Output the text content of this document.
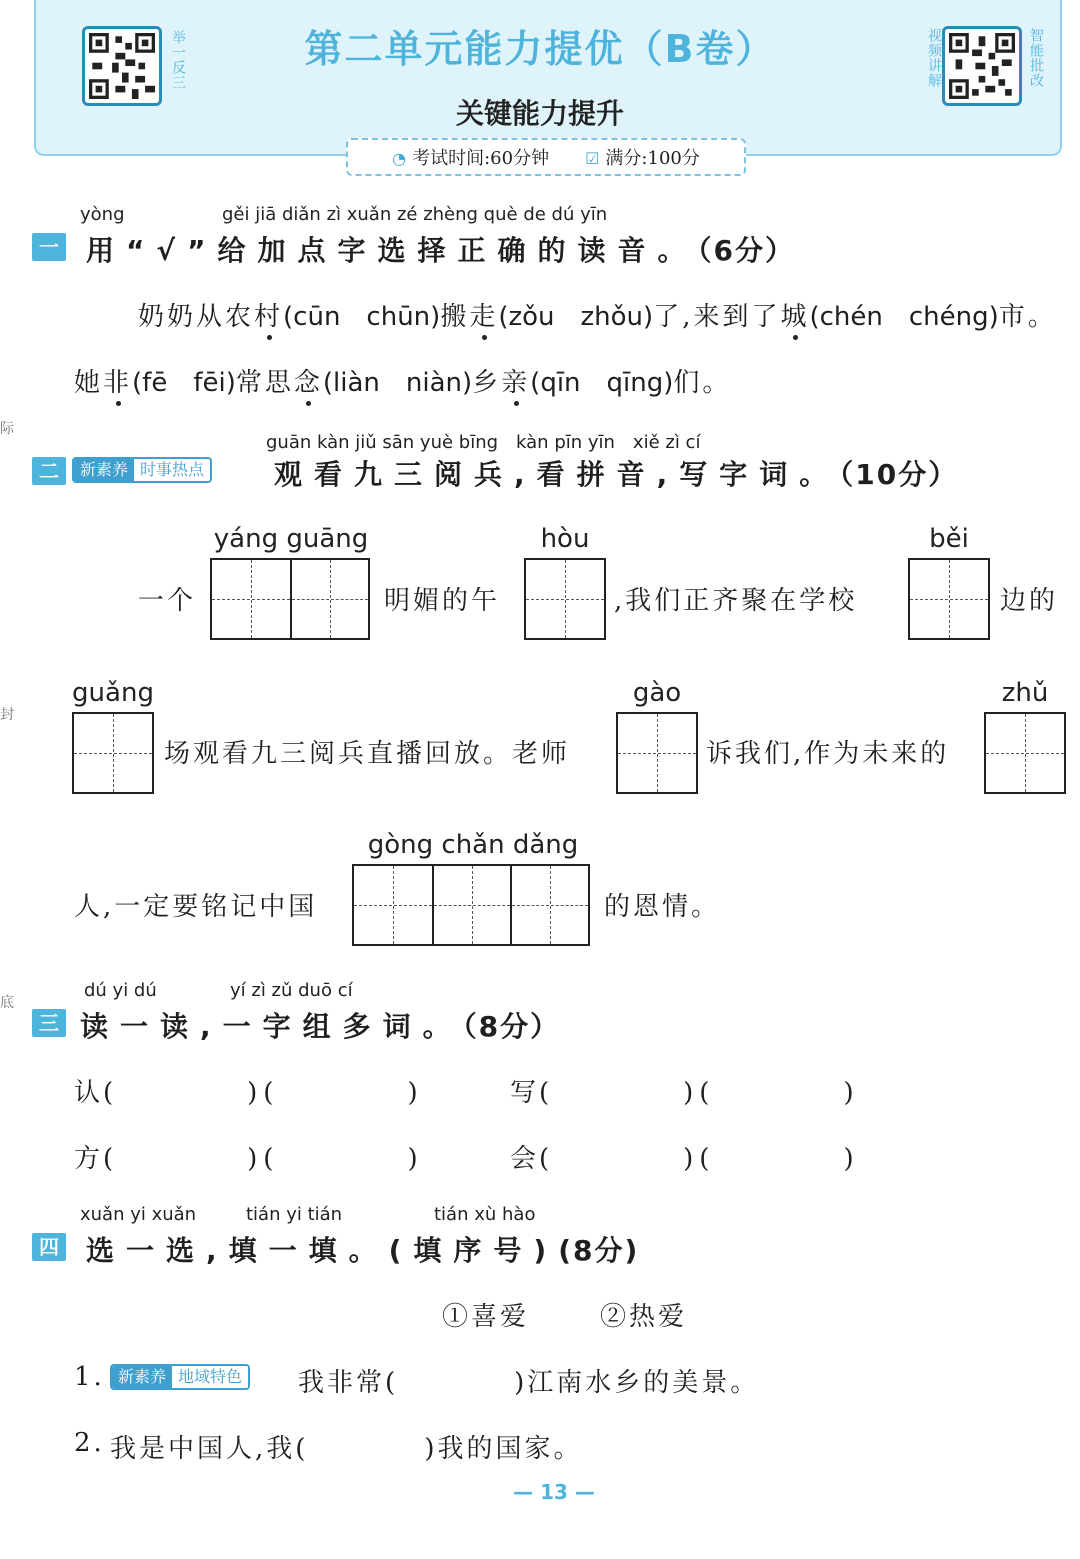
第二单元能力提优（B卷）
关键能力提升
举一反三	视频讲解	智能批改
◔ 考试时间:60分钟 ☑ 满分:100分
际
封
底
yòng	gěi jiā diǎn zì xuǎn zé zhèng què de dú yīn
一 用“√”给加点字选择正确的读音。（6分）
奶奶从农村(cūn　chūn)搬走(zǒu　zhǒu)了,来到了城(chén　chéng)市。
她非(fē　fēi)常思念(liàn　niàn)乡亲(qīn　qīng)们。
guān kàn jiǔ sān yuè bīng　kàn pīn yīn　xiě zì cí
二	新素养 时事热点 观看九三阅兵,看拼音,写字词。（10分）
一个
yáng guāng
明媚的午
hòu
,我们正齐聚在学校
běi
边的
guǎng
场观看九三阅兵直播回放。老师
gào
诉我们,作为未来的
zhǔ
人,一定要铭记中国
gòng chǎn dǎng
的恩情。
dú yi dú	yí zì zǔ duō cí
三 读一读,一字组多词。（8分）
认(　　　　)(　　　　)	写(　　　　)(　　　　)
方(　　　　)(　　　　)	会(　　　　)(　　　　)
xuǎn yi xuǎn	tián yi tián	tián xù hào
四 选一选,填一填。(填序号)(8分)
①喜爱	②热爱
1. 新素养 地域特色 我非常(　　　　)江南水乡的美景。
2. 我是中国人,我(　　　　)我的国家。
— 13 —
